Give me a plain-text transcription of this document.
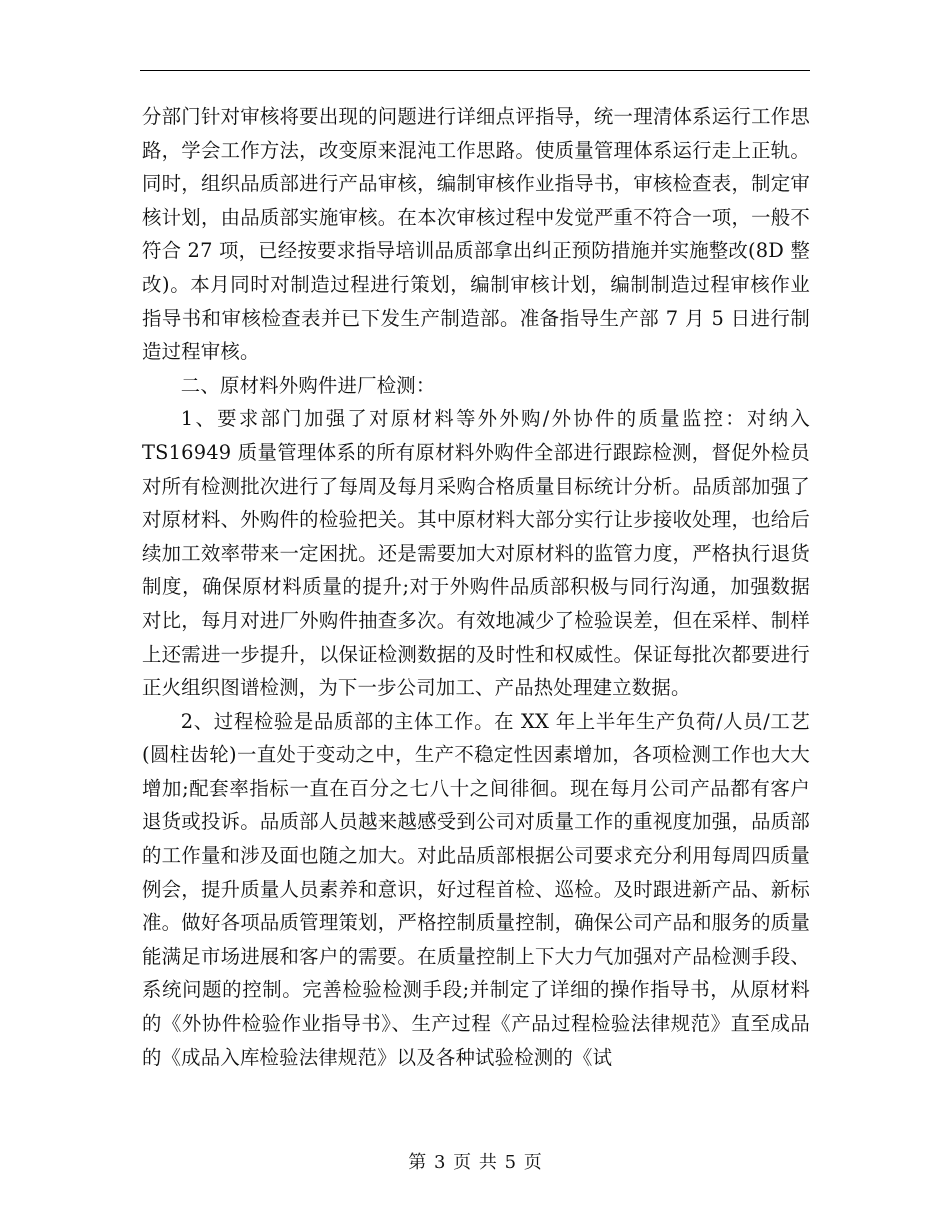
分部门针对审核将要出现的问题进行详细点评指导，统一理清体系运行工作思路，学会工作方法，改变原来混沌工作思路。使质量管理体系运行走上正轨。同时，组织品质部进行产品审核，编制审核作业指导书，审核检查表，制定审核计划，由品质部实施审核。在本次审核过程中发觉严重不符合一项，一般不符合 27 项，已经按要求指导培训品质部拿出纠正预防措施并实施整改(8D 整改)。本月同时对制造过程进行策划，编制审核计划，编制制造过程审核作业指导书和审核检查表并已下发生产制造部。准备指导生产部 7 月 5 日进行制造过程审核。

二、原材料外购件进厂检测：

1、要求部门加强了对原材料等外外购/外协件的质量监控：对纳入 TS16949 质量管理体系的所有原材料外购件全部进行跟踪检测，督促外检员对所有检测批次进行了每周及每月采购合格质量目标统计分析。品质部加强了对原材料、外购件的检验把关。其中原材料大部分实行让步接收处理，也给后续加工效率带来一定困扰。还是需要加大对原材料的监管力度，严格执行退货制度，确保原材料质量的提升;对于外购件品质部积极与同行沟通，加强数据对比，每月对进厂外购件抽查多次。有效地减少了检验误差，但在采样、制样上还需进一步提升，以保证检测数据的及时性和权威性。保证每批次都要进行正火组织图谱检测，为下一步公司加工、产品热处理建立数据。

2、过程检验是品质部的主体工作。在 XX 年上半年生产负荷/人员/工艺(圆柱齿轮)一直处于变动之中，生产不稳定性因素增加，各项检测工作也大大增加;配套率指标一直在百分之七八十之间徘徊。现在每月公司产品都有客户退货或投诉。品质部人员越来越感受到公司对质量工作的重视度加强，品质部的工作量和涉及面也随之加大。对此品质部根据公司要求充分利用每周四质量例会，提升质量人员素养和意识，好过程首检、巡检。及时跟进新产品、新标准。做好各项品质管理策划，严格控制质量控制，确保公司产品和服务的质量能满足市场进展和客户的需要。在质量控制上下大力气加强对产品检测手段、系统问题的控制。完善检验检测手段;并制定了详细的操作指导书，从原材料的《外协件检验作业指导书》、生产过程《产品过程检验法律规范》直至成品的《成品入库检验法律规范》以及各种试验检测的《试

第 3 页 共 5 页
